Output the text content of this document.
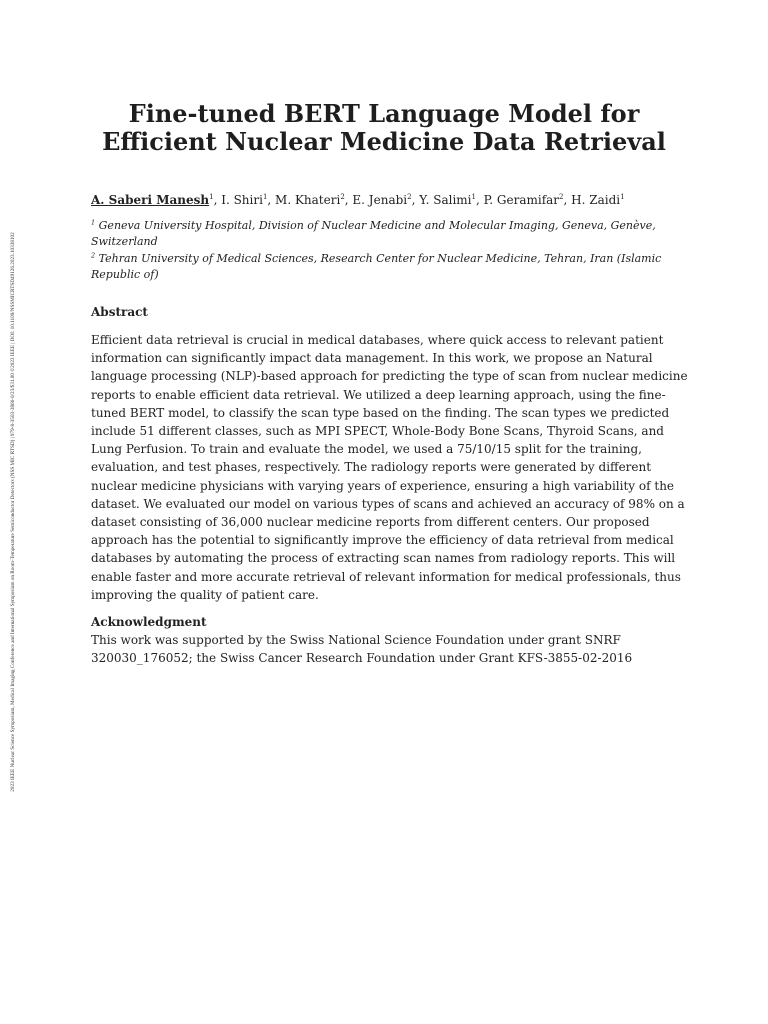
2023 IEEE Nuclear Science Symposium, Medical Imaging Conference and International Symposium on Room-Temperature Semiconductor Detectors (NSS MIC RTSD) | 979-8-3503-3866-0/23/$31.00 ©2023 IEEE | DOI: 10.1109/NSSMICRTSD49126.2023.10338102
Fine-tuned BERT Language Model for
Efficient Nuclear Medicine Data Retrieval
A. Saberi Manesh$^1$, I. Shiri$^1$, M. Khateri$^2$, E. Jenabi$^2$, Y. Salimi$^1$, P. Geramifar$^2$, H. Zaidi$^1$

$^1$ Geneva University Hospital, Division of Nuclear Medicine and Molecular Imaging, Geneva, Genève, Switzerland

$^2$ Tehran University of Medical Sciences, Research Center for Nuclear Medicine, Tehran, Iran (Islamic Republic of)

Abstract
Efficient data retrieval is crucial in medical databases, where quick access to relevant patient
information can significantly impact data management. In this work, we propose an Natural
language processing (NLP)-based approach for predicting the type of scan from nuclear medicine
reports to enable efficient data retrieval. We utilized a deep learning approach, using the fine-
tuned BERT model, to classify the scan type based on the finding. The scan types we predicted
include 51 different classes, such as MPI SPECT, Whole-Body Bone Scans, Thyroid Scans, and
Lung Perfusion. To train and evaluate the model, we used a 75/10/15 split for the training,
evaluation, and test phases, respectively. The radiology reports were generated by different
nuclear medicine physicians with varying years of experience, ensuring a high variability of the
dataset. We evaluated our model on various types of scans and achieved an accuracy of 98% on a
dataset consisting of 36,000 nuclear medicine reports from different centers. Our proposed
approach has the potential to significantly improve the efficiency of data retrieval from medical
databases by automating the process of extracting scan names from radiology reports. This will
enable faster and more accurate retrieval of relevant information for medical professionals, thus
improving the quality of patient care.
Acknowledgment
This work was supported by the Swiss National Science Foundation under grant SNRF
320030_176052; the Swiss Cancer Research Foundation under Grant KFS-3855-02-2016
